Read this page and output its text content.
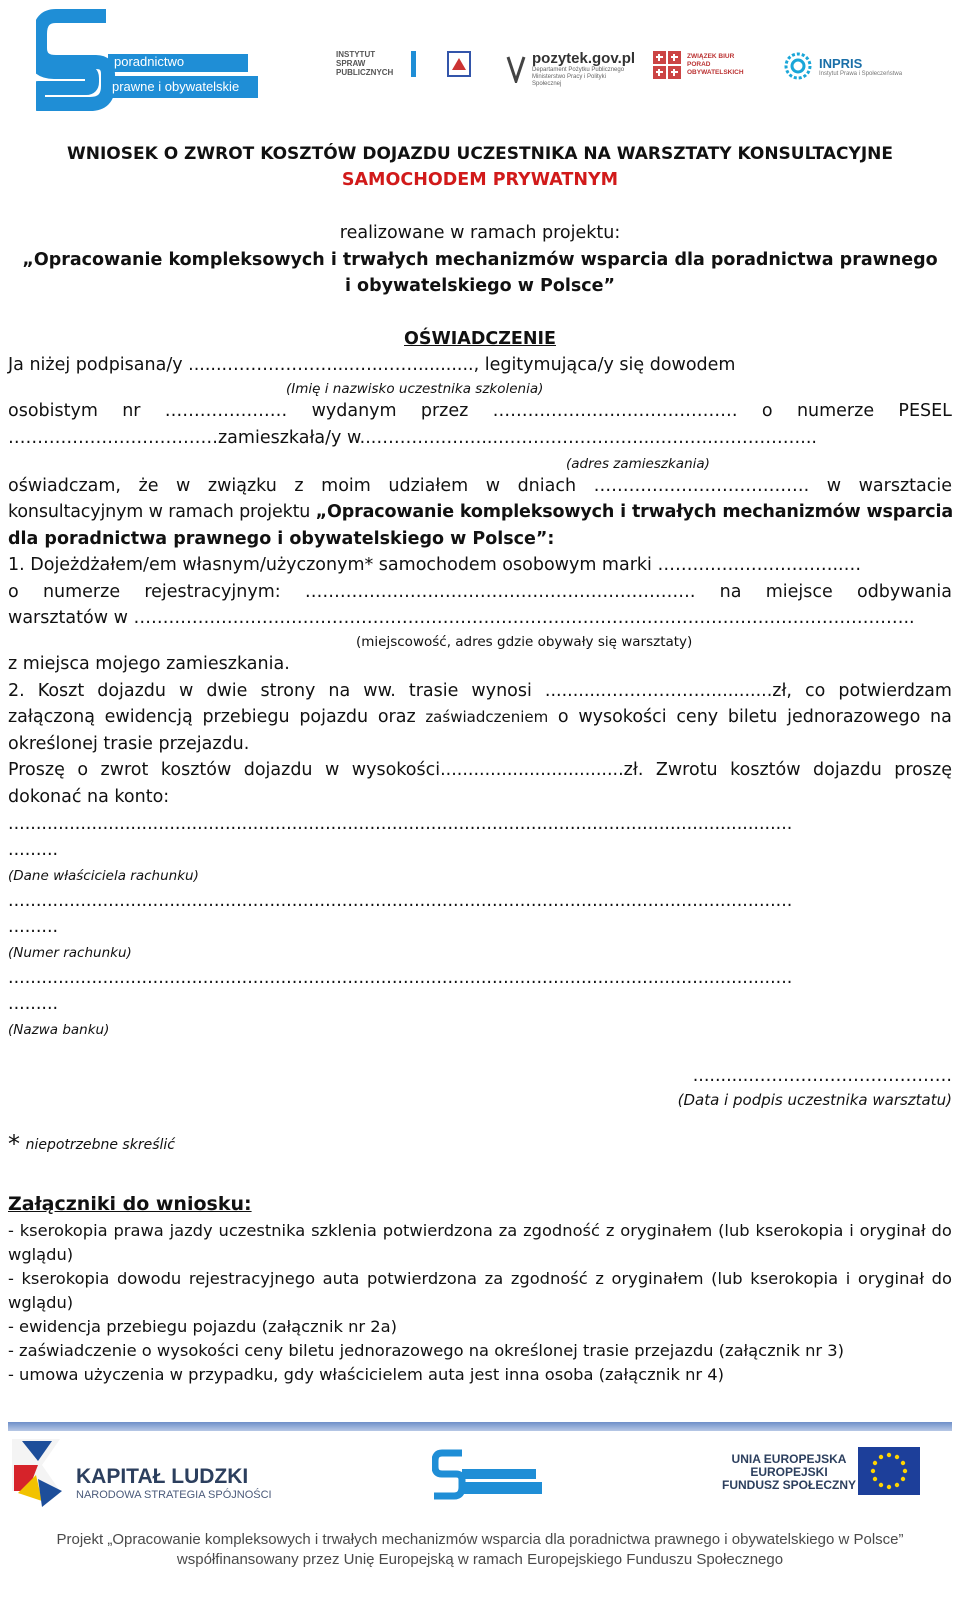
poradnictwo
prawne i obywatelskie
INSTYTUT SPRAW PUBLICZNYCH
pozytek.gov.pl
Departament Pożytku Publicznego Ministerstwo Pracy i Polityki Społecznej
ZWIĄZEK BIUR PORAD OBYWATELSKICH
INPRIS
Instytut Prawa i Społeczeństwa
WNIOSEK O ZWROT KOSZTÓW DOJAZDU UCZESTNIKA NA WARSZTATY KONSULTACYJNE
SAMOCHODEM PRYWATNYM
realizowane w ramach projektu:
„Opracowanie kompleksowych i trwałych mechanizmów wsparcia dla poradnictwa prawnego
i obywatelskiego w Polsce”
OŚWIADCZENIE
Ja niżej podpisana/y .......………………....…..…….........., legitymująca/y się dowodem
(Imię i nazwisko uczestnika szkolenia)
osobistym nr ………………… wydanym przez …………………………………… o numerze PESEL
………………………………zamieszkała/y w...………………...……………………...……….……………...
(adres zamieszkania)
oświadczam, że w związku z moim udziałem w dniach ………………………………. w warsztacie
konsultacyjnym w ramach projektu „Opracowanie kompleksowych i trwałych mechanizmów wsparcia
dla poradnictwa prawnego i obywatelskiego w Polsce”:
1. Dojeżdżałem/em własnym/użyczonym* samochodem osobowym marki …………………………..…
o numerze rejestracyjnym: …………………………………………………………. na miejsce odbywania
warsztatów w ……………………………………………………………………………………………………………………..
(miejscowość, adres gdzie obywały się warsztaty)
z miejsca mojego zamieszkania.
2. Koszt dojazdu w dwie strony na ww. trasie wynosi ...........………………...........zł, co potwierdzam
załączoną ewidencją przebiegu pojazdu oraz zaświadczeniem o wysokości ceny biletu jednorazowego na
określonej trasie przejazdu.
Proszę o zwrot kosztów dojazdu w wysokości.................................zł. Zwrotu kosztów dojazdu proszę
dokonać na konto:
.............................................................................................................................................
.........
(Dane właściciela rachunku)
.............................................................................................................................................
.........
(Numer rachunku)
.............................................................................................................................................
.........
(Nazwa banku)
...........…………………………….
(Data i podpis uczestnika warsztatu)
* niepotrzebne skreślić
Załączniki do wniosku:
- kserokopia prawa jazdy uczestnika szklenia potwierdzona za zgodność z oryginałem (lub kserokopia i oryginał do
wglądu)
- kserokopia dowodu rejestracyjnego auta potwierdzona za zgodność z oryginałem (lub kserokopia i oryginał do
wglądu)
- ewidencja przebiegu pojazdu (załącznik nr 2a)
- zaświadczenie o wysokości ceny biletu jednorazowego na określonej trasie przejazdu (załącznik nr 3)
- umowa użyczenia w przypadku, gdy właścicielem auta jest inna osoba (załącznik nr 4)
KAPITAŁ LUDZKI
NARODOWA STRATEGIA SPÓJNOŚCI
UNIA EUROPEJSKA
EUROPEJSKI
FUNDUSZ SPOŁECZNY
Projekt „Opracowanie kompleksowych i trwałych mechanizmów wsparcia dla poradnictwa prawnego i obywatelskiego w Polsce”
współfinansowany przez Unię Europejską w ramach Europejskiego Funduszu Społecznego
